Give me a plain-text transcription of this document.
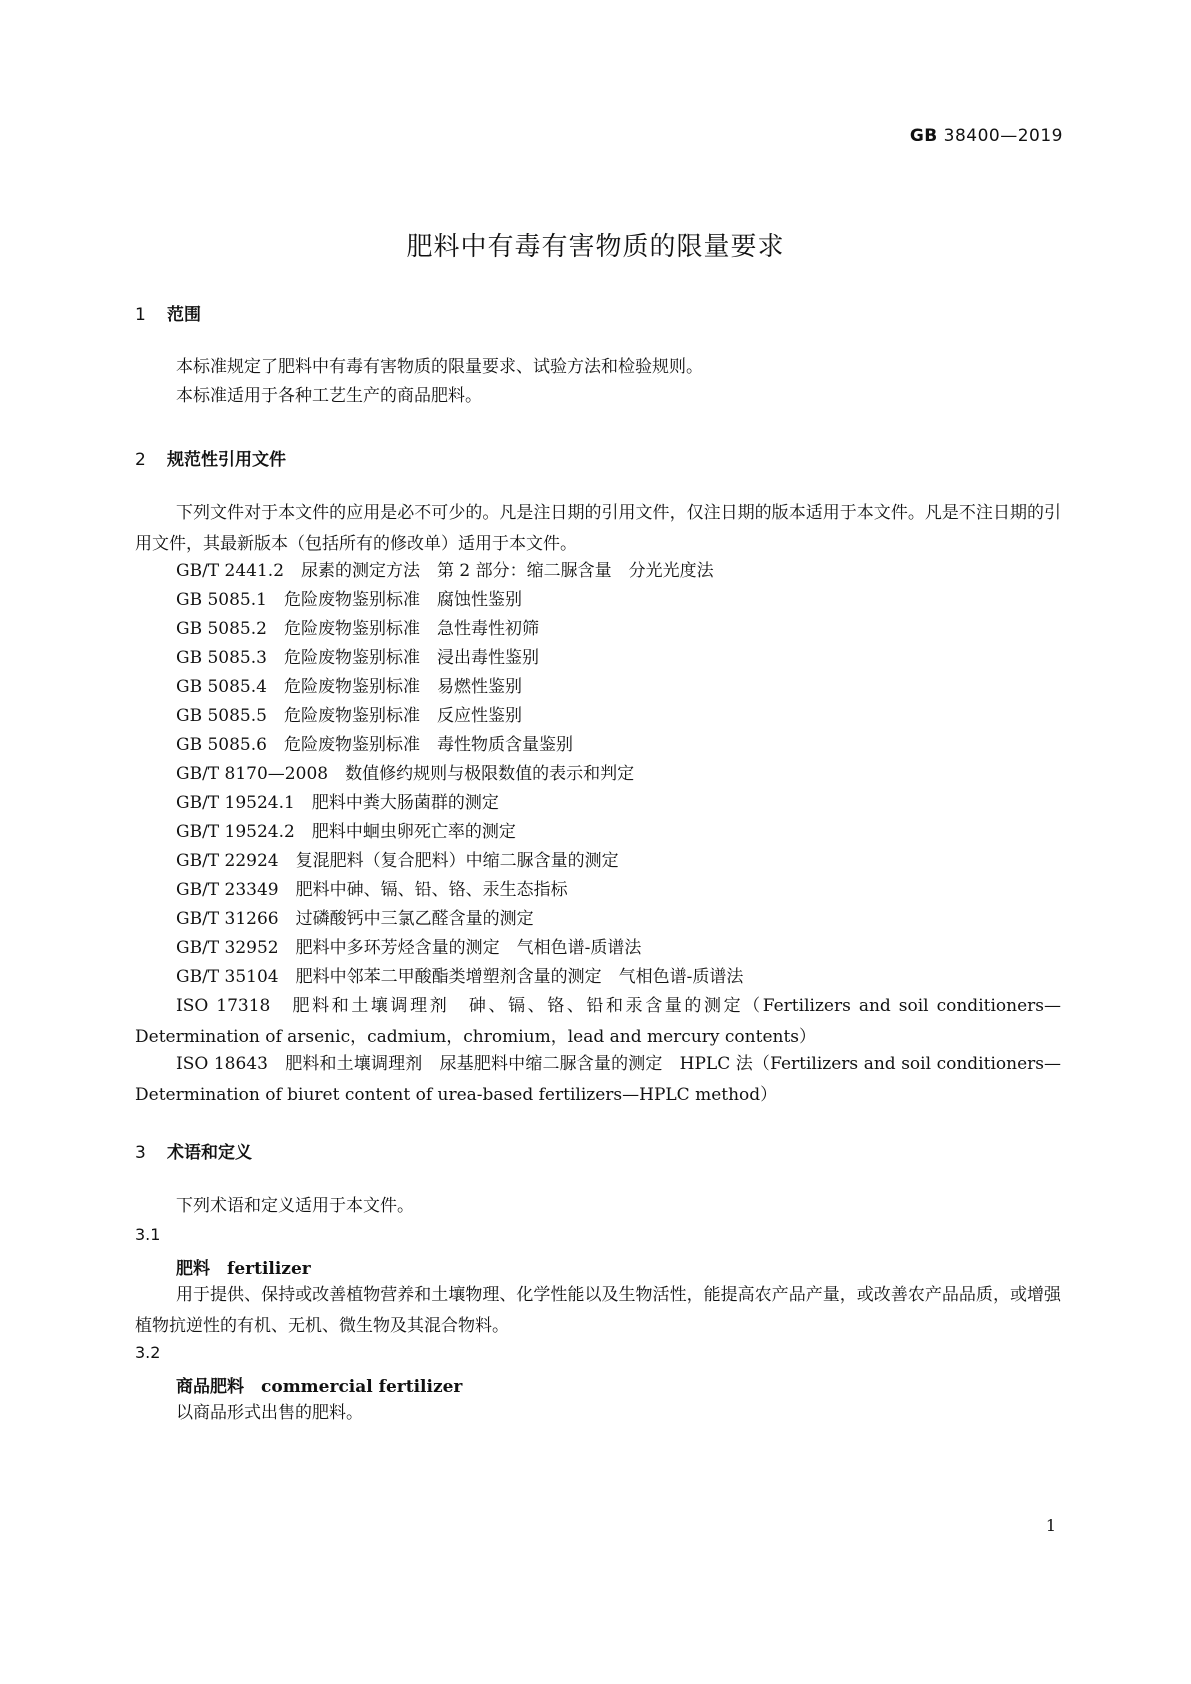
GB 38400—2019
肥料中有毒有害物质的限量要求
1 范围
本标准规定了肥料中有毒有害物质的限量要求、试验方法和检验规则。
本标准适用于各种工艺生产的商品肥料。
2 规范性引用文件
下列文件对于本文件的应用是必不可少的。凡是注日期的引用文件，仅注日期的版本适用于本文件。凡是不注日期的引用文件，其最新版本（包括所有的修改单）适用于本文件。
GB/T 2441.2　尿素的测定方法　第 2 部分：缩二脲含量　分光光度法
GB 5085.1　危险废物鉴别标准　腐蚀性鉴别
GB 5085.2　危险废物鉴别标准　急性毒性初筛
GB 5085.3　危险废物鉴别标准　浸出毒性鉴别
GB 5085.4　危险废物鉴别标准　易燃性鉴别
GB 5085.5　危险废物鉴别标准　反应性鉴别
GB 5085.6　危险废物鉴别标准　毒性物质含量鉴别
GB/T 8170—2008　数值修约规则与极限数值的表示和判定
GB/T 19524.1　肥料中粪大肠菌群的测定
GB/T 19524.2　肥料中蛔虫卵死亡率的测定
GB/T 22924　复混肥料（复合肥料）中缩二脲含量的测定
GB/T 23349　肥料中砷、镉、铅、铬、汞生态指标
GB/T 31266　过磷酸钙中三氯乙醛含量的测定
GB/T 32952　肥料中多环芳烃含量的测定　气相色谱-质谱法
GB/T 35104　肥料中邻苯二甲酸酯类增塑剂含量的测定　气相色谱-质谱法
ISO 17318　肥料和土壤调理剂　砷、镉、铬、铅和汞含量的测定（Fertilizers and soil conditioners—Determination of arsenic，cadmium，chromium，lead and mercury contents）
ISO 18643　肥料和土壤调理剂　尿基肥料中缩二脲含量的测定　HPLC 法（Fertilizers and soil conditioners—Determination of biuret content of urea-based fertilizers—HPLC method）
3 术语和定义
下列术语和定义适用于本文件。
3.1
肥料　fertilizer
用于提供、保持或改善植物营养和土壤物理、化学性能以及生物活性，能提高农产品产量，或改善农产品品质，或增强植物抗逆性的有机、无机、微生物及其混合物料。
3.2
商品肥料　commercial fertilizer
以商品形式出售的肥料。
1
